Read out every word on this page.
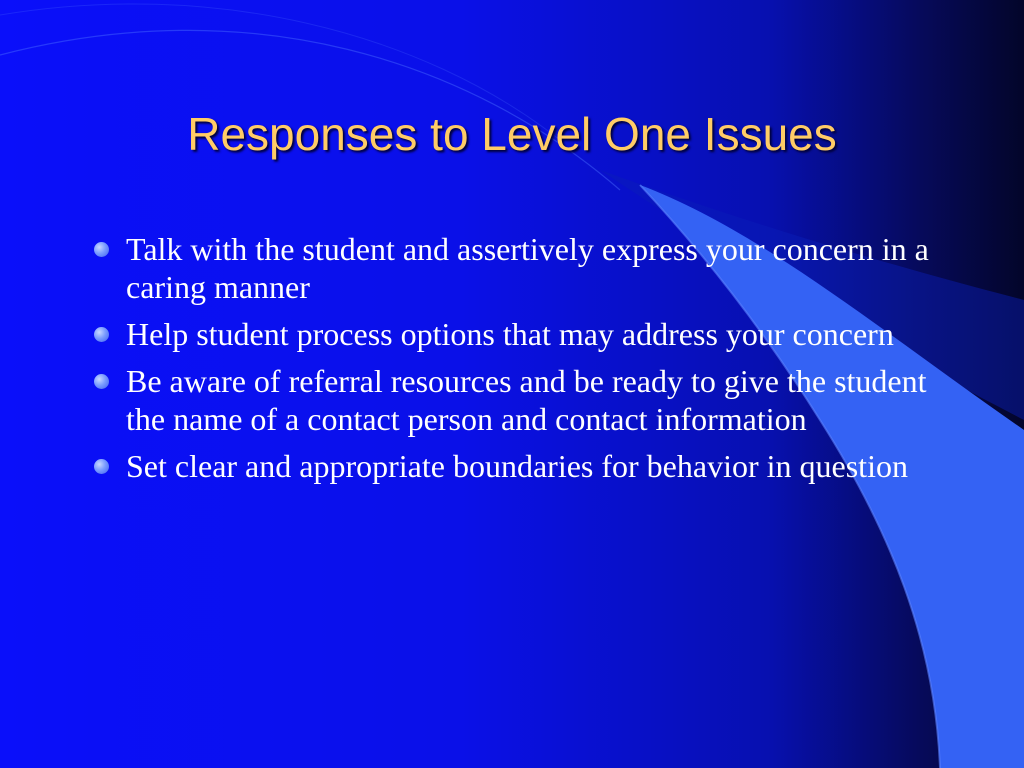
Responses to Level One Issues
Talk with the student and assertively express your concern in a caring manner
Help student process options that may address your concern
Be aware of referral resources and be ready to give the student the name of a contact person and contact information
Set clear and appropriate boundaries for behavior in question
